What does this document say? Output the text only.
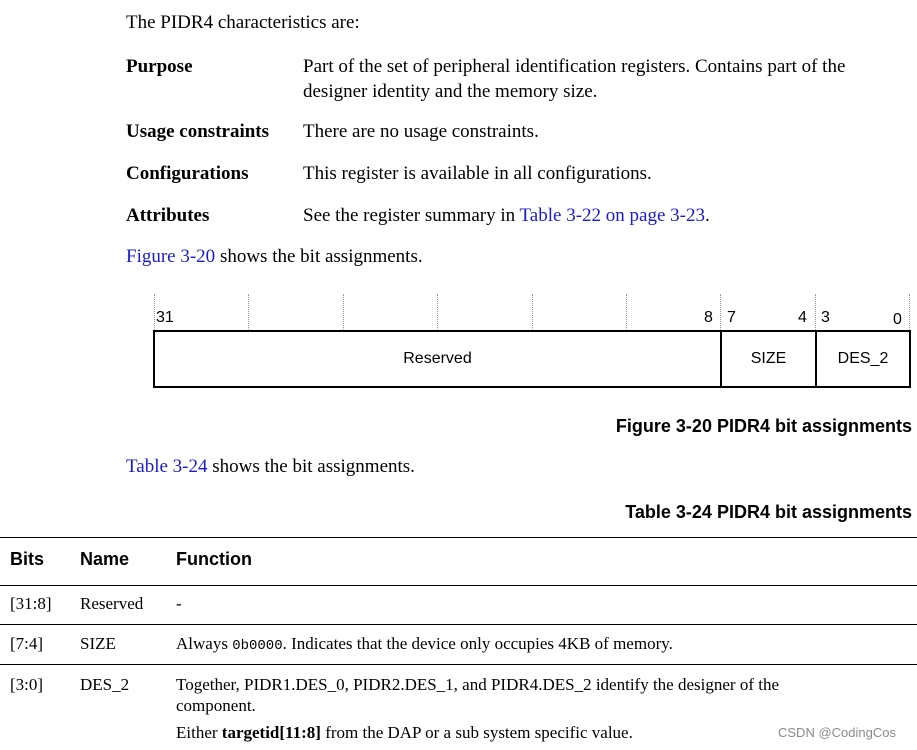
The PIDR4 characteristics are:
Purpose	Part of the set of peripheral identification registers. Contains part of the
designer identity and the memory size.
Usage constraints There are no usage constraints.
Configurations	This register is available in all configurations.
Attributes	See the register summary in Table 3-22 on page 3-23.
Figure 3-20 shows the bit assignments.
31	8 7	4 3	0
Reserved	SIZE	DES_2
Figure 3-20 PIDR4 bit assignments
Table 3-24 shows the bit assignments.
Table 3-24 PIDR4 bit assignments
Bits Name	Function
[31:8] Reserved -
[7:4] SIZE	Always 0b0000. Indicates that the device only occupies 4KB of memory.
[3:0] DES_2	Together, PIDR1.DES_0, PIDR2.DES_1, and PIDR4.DES_2 identify the designer of the
component.
Either targetid[11:8] from the DAP or a sub system specific value.	CSDN @CodingCos
